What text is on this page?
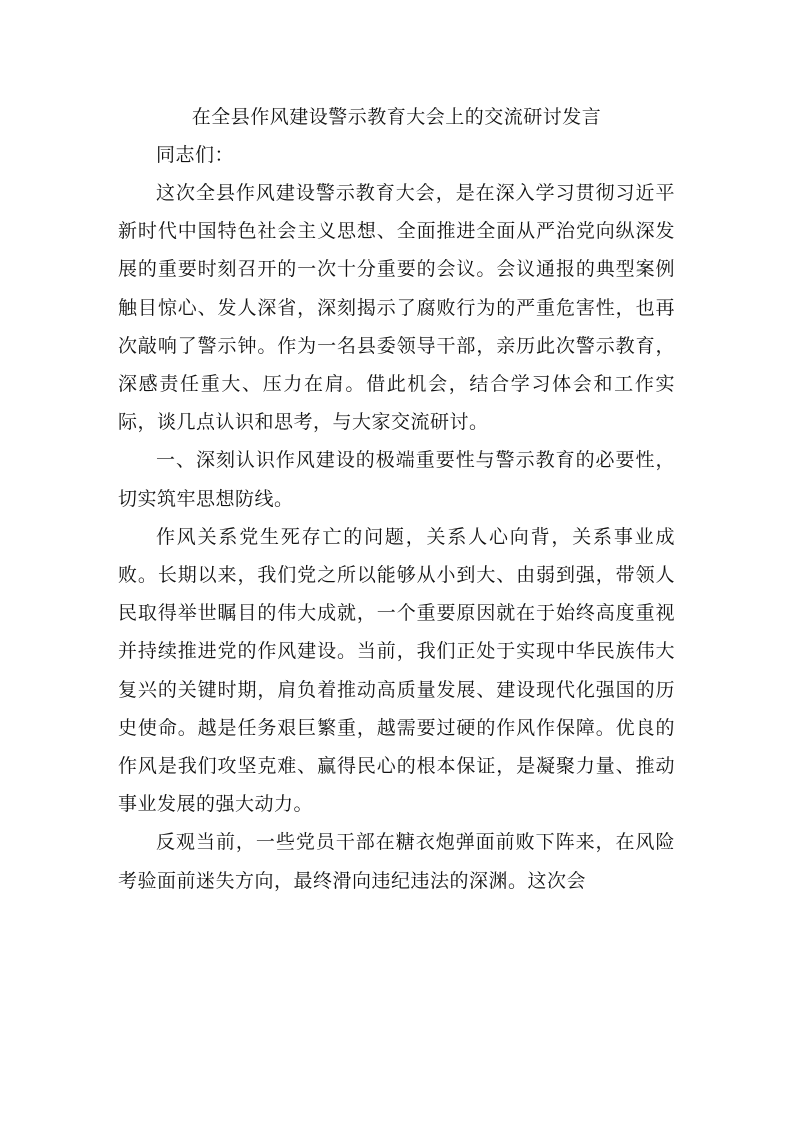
在全县作风建设警示教育大会上的交流研讨发言

同志们：

这次全县作风建设警示教育大会，是在深入学习贯彻习近平新时代中国特色社会主义思想、全面推进全面从严治党向纵深发展的重要时刻召开的一次十分重要的会议。会议通报的典型案例触目惊心、发人深省，深刻揭示了腐败行为的严重危害性，也再次敲响了警示钟。作为一名县委领导干部，亲历此次警示教育，深感责任重大、压力在肩。借此机会，结合学习体会和工作实际，谈几点认识和思考，与大家交流研讨。

一、深刻认识作风建设的极端重要性与警示教育的必要性，切实筑牢思想防线。

作风关系党生死存亡的问题，关系人心向背，关系事业成败。长期以来，我们党之所以能够从小到大、由弱到强，带领人民取得举世瞩目的伟大成就，一个重要原因就在于始终高度重视并持续推进党的作风建设。当前，我们正处于实现中华民族伟大复兴的关键时期，肩负着推动高质量发展、建设现代化强国的历史使命。越是任务艰巨繁重，越需要过硬的作风作保障。优良的作风是我们攻坚克难、赢得民心的根本保证，是凝聚力量、推动事业发展的强大动力。

反观当前，一些党员干部在糖衣炮弹面前败下阵来，在风险考验面前迷失方向，最终滑向违纪违法的深渊。这次会
